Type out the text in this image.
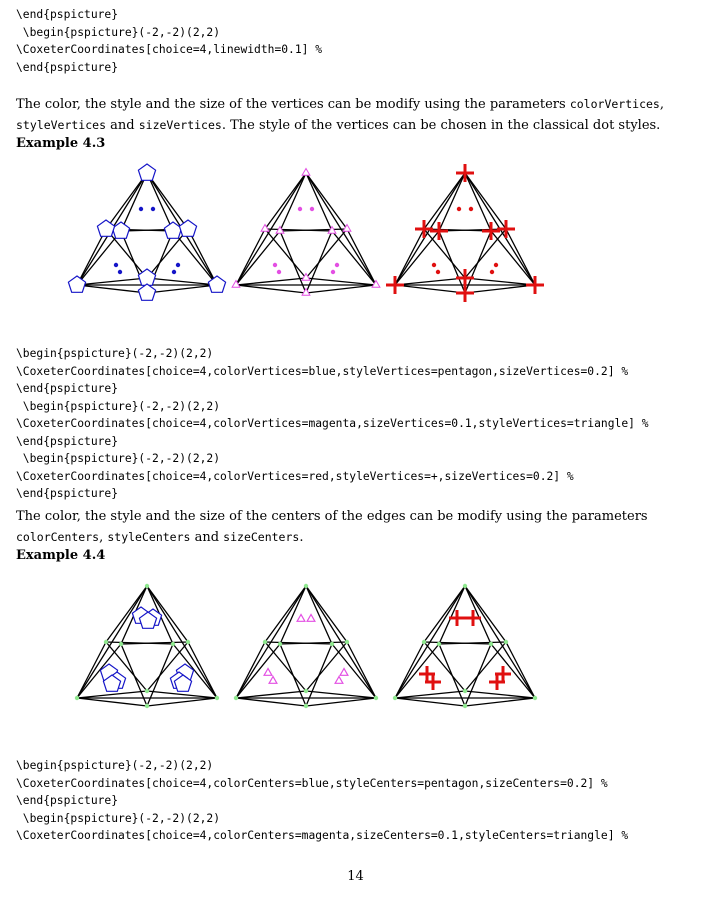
\end{pspicture}
\begin{pspicture}(-2,-2)(2,2)
\CoxeterCoordinates[choice=4,linewidth=0.1] %
\end{pspicture}
The color, the style and the size of the vertices can be modify using the parameters colorVertices,
styleVertices and sizeVertices. The style of the vertices can be chosen in the classical dot styles.
Example 4.3
\begin{pspicture}(-2,-2)(2,2)
\CoxeterCoordinates[choice=4,colorVertices=blue,styleVertices=pentagon,sizeVertices=0.2] %
\end{pspicture}
\begin{pspicture}(-2,-2)(2,2)
\CoxeterCoordinates[choice=4,colorVertices=magenta,sizeVertices=0.1,styleVertices=triangle] %
\end{pspicture}
\begin{pspicture}(-2,-2)(2,2)
\CoxeterCoordinates[choice=4,colorVertices=red,styleVertices=+,sizeVertices=0.2] %
\end{pspicture}
The color, the style and the size of the centers of the edges can be modify using the parameters
colorCenters, styleCenters and sizeCenters.
Example 4.4
\begin{pspicture}(-2,-2)(2,2)
\CoxeterCoordinates[choice=4,colorCenters=blue,styleCenters=pentagon,sizeCenters=0.2] %
\end{pspicture}
\begin{pspicture}(-2,-2)(2,2)
\CoxeterCoordinates[choice=4,colorCenters=magenta,sizeCenters=0.1,styleCenters=triangle] %
14
